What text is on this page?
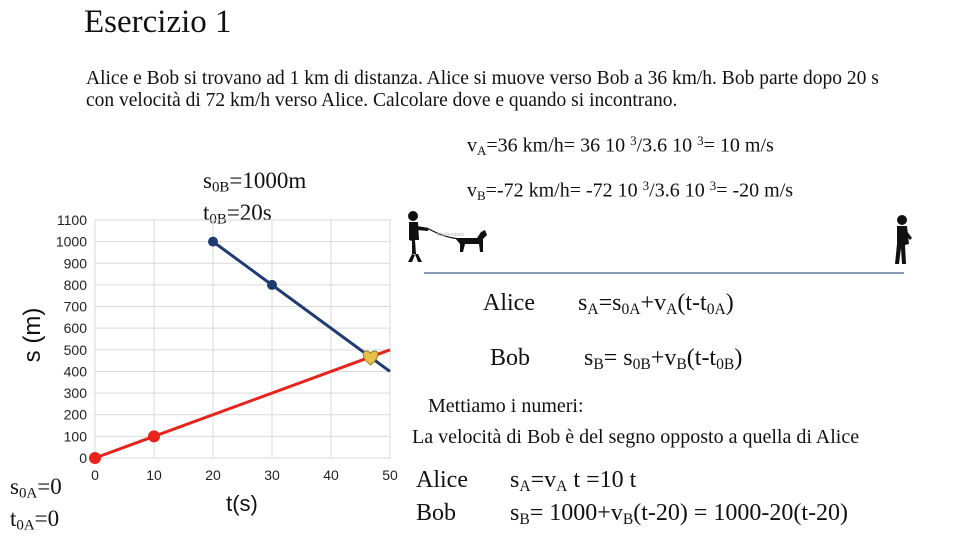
Esercizio 1
Alice e Bob si trovano ad 1 km di distanza. Alice si muove verso Bob a 36 km/h. Bob parte dopo 20 s con velocità di 72 km/h verso Alice. Calcolare dove e quando si incontrano.
$v_A=36$ km/h= 36 10 $^3$/3.6 10 $^3$= 10 m/s
$v_B=-72$ km/h= -72 10 $^3$/3.6 10 $^3$= -20 m/s
$s_{0B}=1000m$
$t_{0B}=20s$
$s_{0A}=0$
$t_{0A}=0$
0
100
200
300
400
500
600
700
800
900
1000
1100
0	10	20	30	40	50
t(s)
s (m)
shutterstock
Alice $s_A=s_{0A}+v_A(t-t_{0A})$
Bob $s_B= s_{0B}+v_B(t-t_{0B})$
Mettiamo i numeri:
La velocità di Bob è del segno opposto a quella di Alice
Alice $s_A=v_A$ t =10 t
Bob $s_B= 1000+v_B(t-20) = 1000-20(t-20)$
